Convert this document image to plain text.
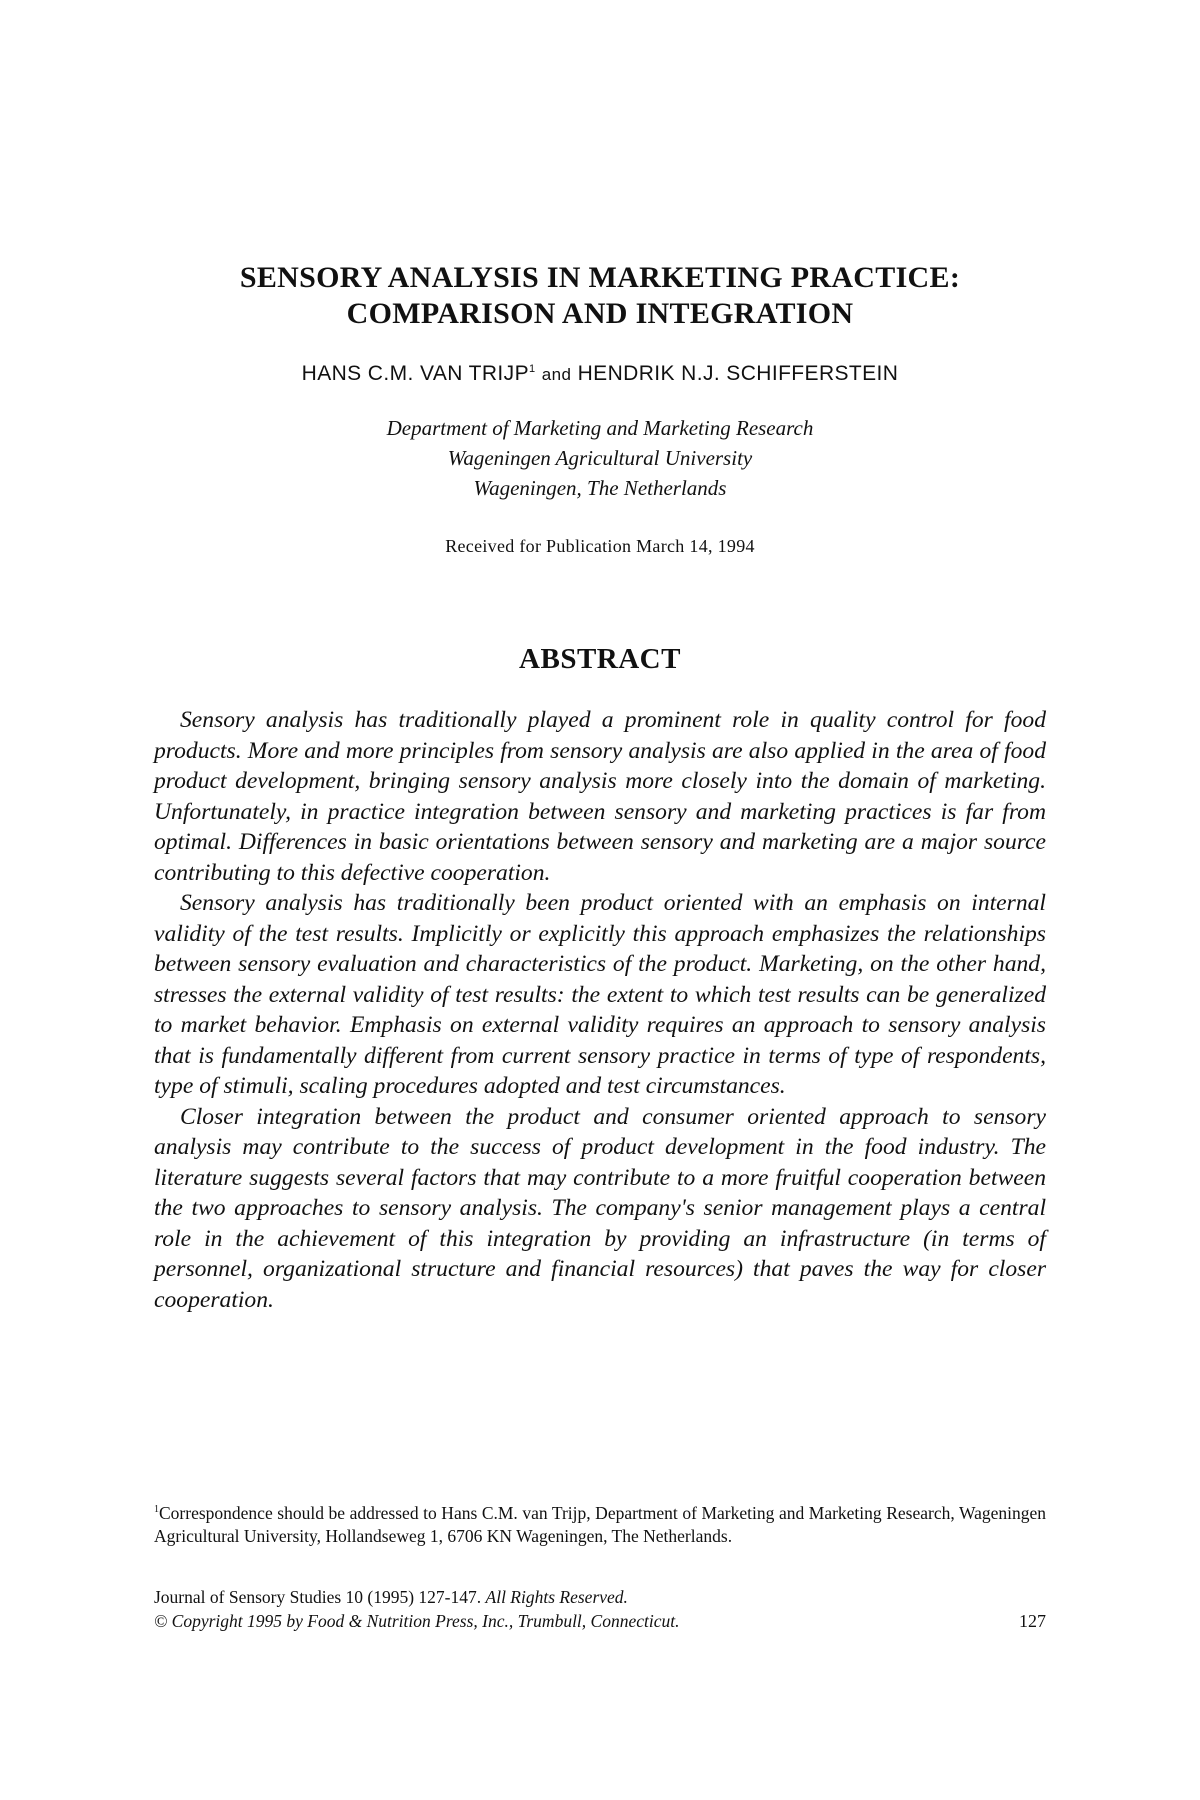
SENSORY ANALYSIS IN MARKETING PRACTICE:
COMPARISON AND INTEGRATION
HANS C.M. VAN TRIJP$^1$ and HENDRIK N.J. SCHIFFERSTEIN
Department of Marketing and Marketing Research
Wageningen Agricultural University
Wageningen, The Netherlands
Received for Publication March 14, 1994
ABSTRACT

Sensory analysis has traditionally played a prominent role in quality control for food products. More and more principles from sensory analysis are also applied in the area of food product development, bringing sensory analysis more closely into the domain of marketing. Unfortunately, in practice integration between sensory and marketing practices is far from optimal. Differences in basic orientations between sensory and marketing are a major source contributing to this defective cooperation.

Sensory analysis has traditionally been product oriented with an emphasis on internal validity of the test results. Implicitly or explicitly this approach emphasizes the relationships between sensory evaluation and characteristics of the product. Marketing, on the other hand, stresses the external validity of test results: the extent to which test results can be generalized to market behavior. Emphasis on external validity requires an approach to sensory analysis that is fundamentally different from current sensory practice in terms of type of respondents, type of stimuli, scaling procedures adopted and test circumstances.

Closer integration between the product and consumer oriented approach to sensory analysis may contribute to the success of product development in the food industry. The literature suggests several factors that may contribute to a more fruitful cooperation between the two approaches to sensory analysis. The company's senior management plays a central role in the achievement of this integration by providing an infrastructure (in terms of personnel, organizational structure and financial resources) that paves the way for closer cooperation.

$^1$Correspondence should be addressed to Hans C.M. van Trijp, Department of Marketing and Marketing Research, Wageningen Agricultural University, Hollandseweg 1, 6706 KN Wageningen, The Netherlands.
Journal of Sensory Studies 10 (1995) 127-147. All Rights Reserved.
© Copyright 1995 by Food & Nutrition Press, Inc., Trumbull, Connecticut.	127
